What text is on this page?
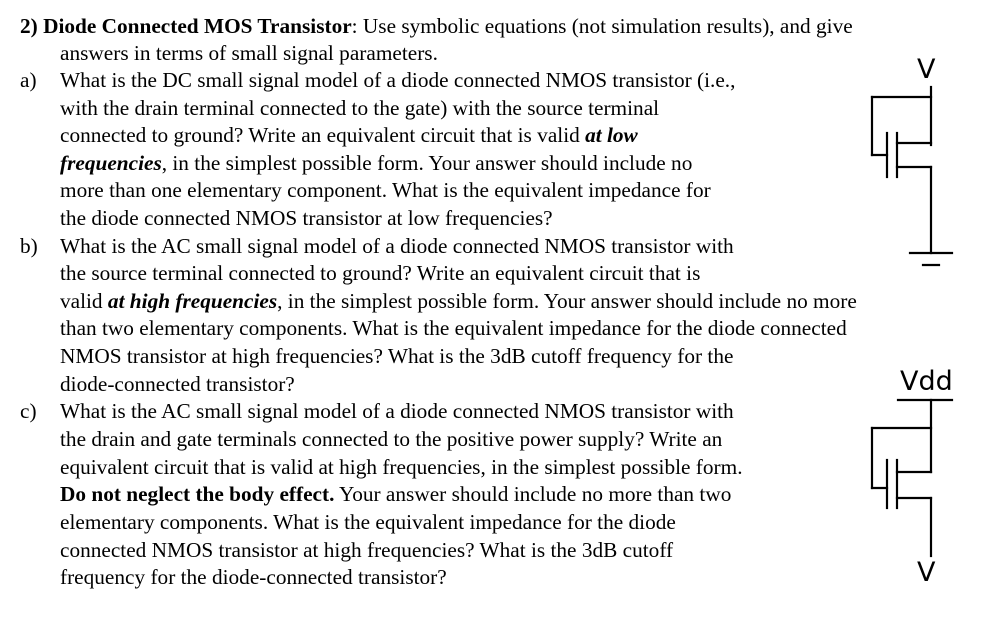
2) Diode Connected MOS Transistor: Use symbolic equations (not simulation results), and give
answers in terms of small signal parameters.
a) What is the DC small signal model of a diode connected NMOS transistor (i.e.,
with the drain terminal connected to the gate) with the source terminal
connected to ground? Write an equivalent circuit that is valid at low
frequencies, in the simplest possible form. Your answer should include no
more than one elementary component. What is the equivalent impedance for
the diode connected NMOS transistor at low frequencies?
b) What is the AC small signal model of a diode connected NMOS transistor with
the source terminal connected to ground? Write an equivalent circuit that is
valid at high frequencies, in the simplest possible form. Your answer should include no more
than two elementary components. What is the equivalent impedance for the diode connected
NMOS transistor at high frequencies? What is the 3dB cutoff frequency for the
diode-connected transistor?
c) What is the AC small signal model of a diode connected NMOS transistor with
the drain and gate terminals connected to the positive power supply? Write an
equivalent circuit that is valid at high frequencies, in the simplest possible form.
Do not neglect the body effect. Your answer should include no more than two
elementary components. What is the equivalent impedance for the diode
connected NMOS transistor at high frequencies? What is the 3dB cutoff
frequency for the diode-connected transistor?
V
Vdd
V
